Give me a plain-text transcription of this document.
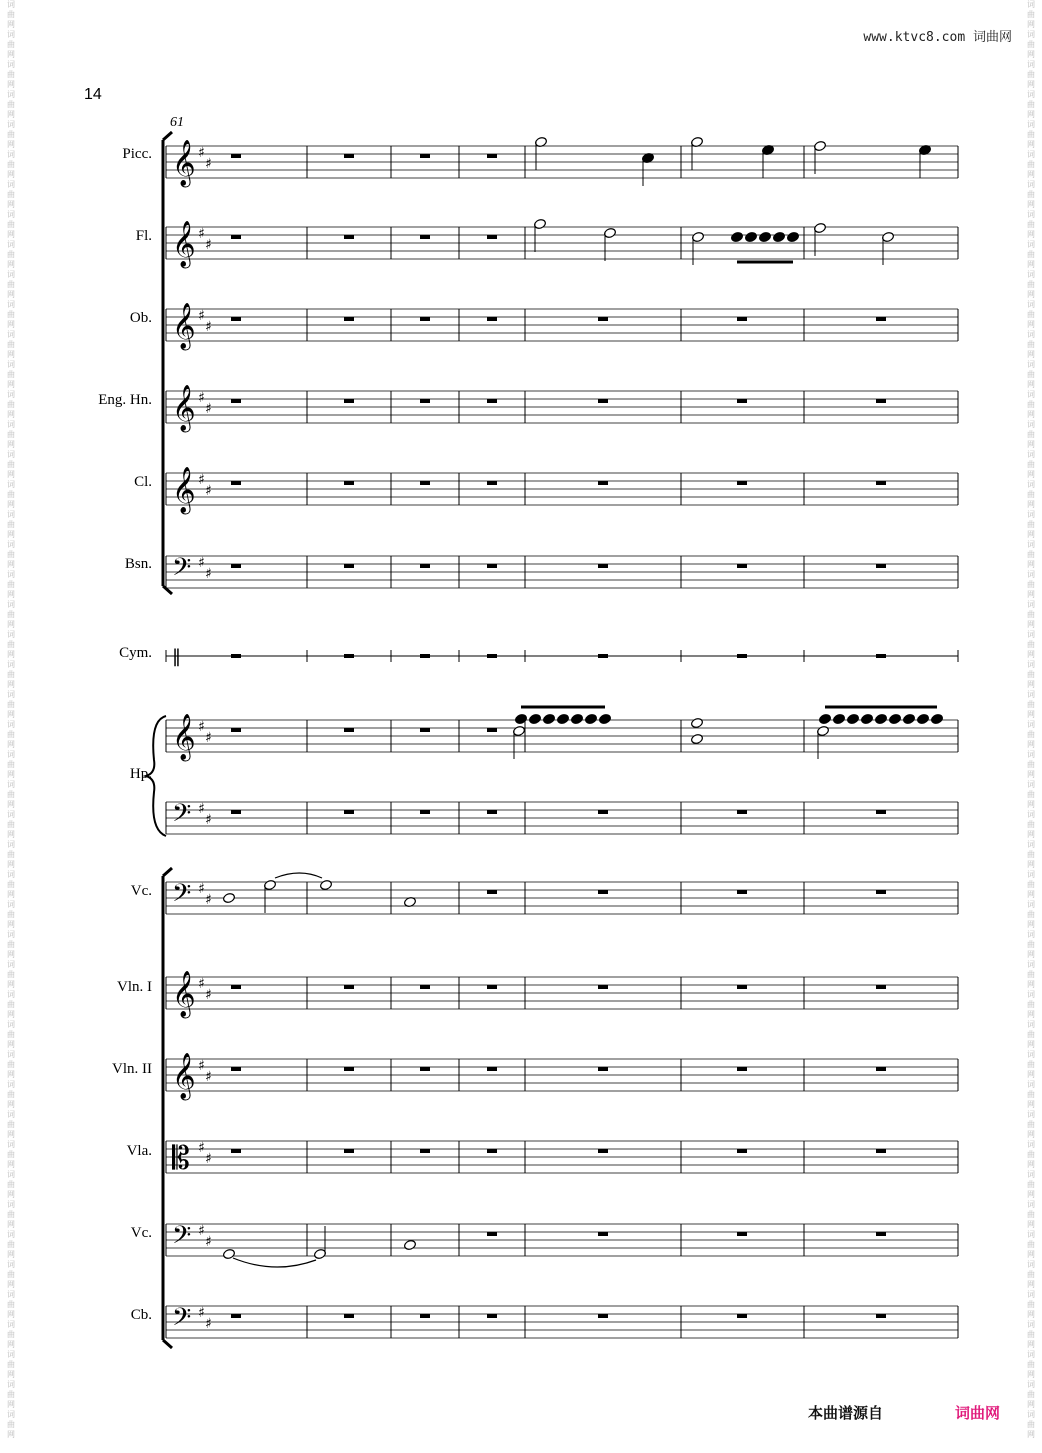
www.ktvc8.com 词曲网
14
词
曲
网
词
曲
网
词
曲
网
词
曲
网
词
曲
网
词
曲
网
词
曲
网
词
曲
网
词
曲
网
词
曲
网
词
曲
网
词
曲
网
词
曲
网
词
曲
网
词
曲
网
词
曲
网
词
曲
网
词
曲
网
词
曲
网
词
曲
网
词
曲
网
词
曲
网
词
曲
网
词
曲
网
词
曲
网
词
曲
网
词
曲
网
词
曲
网
词
曲
网
词
曲
网
词
曲
网
词
曲
网
词
曲
网
词
曲
网
词
曲
网
词
曲
网
词
曲
网
词
曲
网
词
曲
网
词
曲
网
词
曲
网
词
曲
网
词
曲
网
词
曲
网
词
曲
网
词
曲
网
词
曲
网
词
曲
网
词
曲
网
词
曲
网
词
曲
网
词
曲
网
词
曲
网
词
曲
网
词
曲
网
词
曲
网
词
曲
网
词
曲
网
词
曲
网
词
曲
网
词
曲
网
词
曲
网
词
曲
网
词
曲
网
词
曲
网
词
曲
网
词
曲
网
词
曲
网
词
曲
网
词
曲
网
词
曲
网
词
曲
网
词
曲
网
词
曲
网
词
曲
网
词
曲
网
词
曲
网
词
曲
网
词
曲
网
词
曲
网
词
曲
网
词
曲
网
词
曲
网
词
曲
网
词
曲
网
词
曲
网
词
曲
网
词
曲
网
词
曲
网
词
曲
网
词
曲
网
词
曲
网
词
曲
网
词
曲
网
词
曲
网
词
曲
网
𝄞 ♯
♯
𝄞 ♯
♯
𝄞 ♯
♯
𝄞 ♯
♯
𝄞 ♯
♯
𝄢 ♯
♯
‖
𝄞 ♯
♯
𝄢 ♯
♯
𝄢 ♯
♯
𝄞 ♯
♯
𝄞 ♯
♯
𝄡 ♯
♯
𝄢 ♯
♯
𝄢 ♯
♯
Picc.
Fl.
Ob.
Eng. Hn.
Cl.
Bsn.
Cym.
Vc.
Vln. I
Vln. II
Vla.
Vc.
Cb.
Hp.
61
本曲谱源自	词曲网
